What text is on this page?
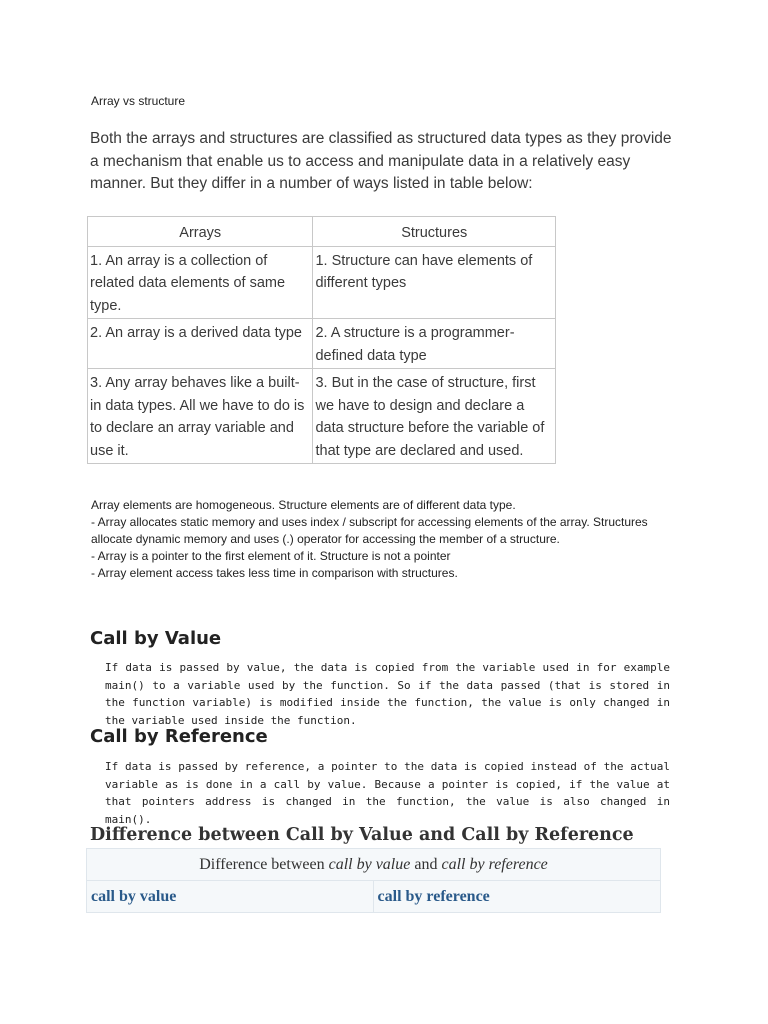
Array vs structure
Both the arrays and structures are classified as structured data types as they provide a mechanism that enable us to access and manipulate data in a relatively easy manner. But they differ in a number of ways listed in table below:
Arrays	Structures
1. An array is a collection of related data elements of same type.	1. Structure can have elements of different types
2. An array is a derived data type	2. A structure is a programmer-defined data type
3. Any array behaves like a built-in data types. All we have to do is to declare an array variable and use it.	3. But in the case of structure, first we have to design and declare a data structure before the variable of that type are declared and used.
Array elements are homogeneous. Structure elements are of different data type.
- Array allocates static memory and uses index / subscript for accessing elements of the array. Structures allocate dynamic memory and uses (.) operator for accessing the member of a structure.
- Array is a pointer to the first element of it. Structure is not a pointer
- Array element access takes less time in comparison with structures.
Call by Value
If data is passed by value, the data is copied from the variable used in for example main() to a variable used by the function. So if the data passed (that is stored in the function variable) is modified inside the function, the value is only changed in the variable used inside the function.
Call by Reference
If data is passed by reference, a pointer to the data is copied instead of the actual variable as is done in a call by value. Because a pointer is copied, if the value at that pointers address is changed in the function, the value is also changed in main().
Difference between Call by Value and Call by Reference
Difference between call by value and call by reference
call by value	call by reference
